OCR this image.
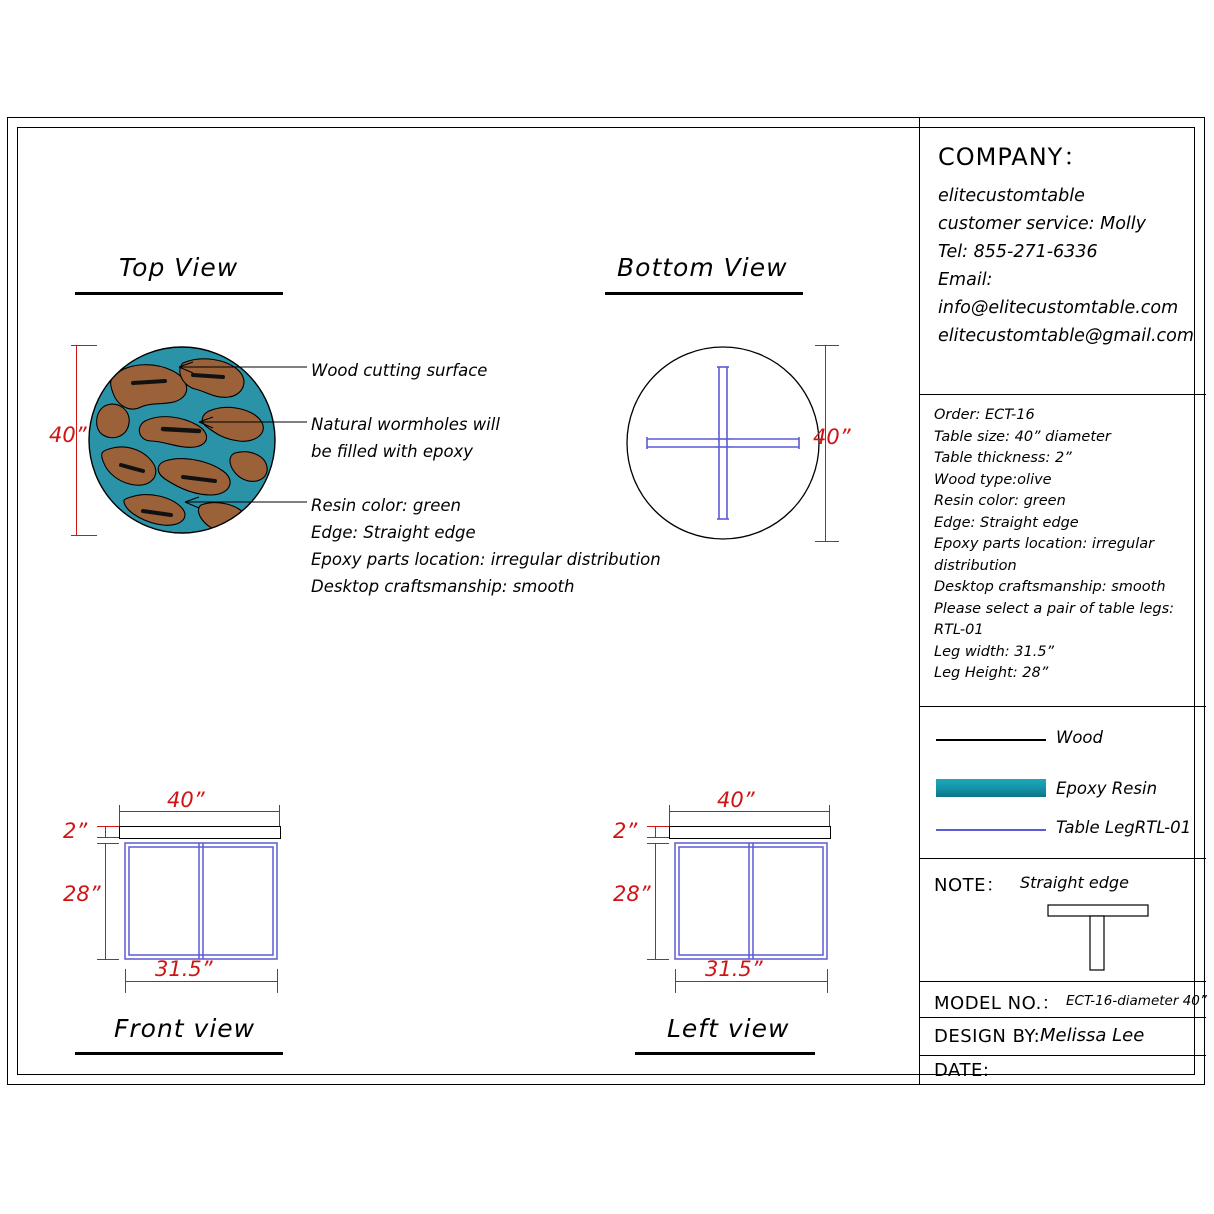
Top View
40”
Wood cutting surface
Natural wormholes will
be filled with epoxy
Resin color: green
Edge: Straight edge
Epoxy parts location: irregular distribution
Desktop craftsmanship: smooth
Bottom View
40”
40”
2”
28”
31.5”
Front view
40”
2”
28”
31.5”
Left view
COMPANY：
elitecustomtable
customer service: Molly
Tel: 855-271-6336
Email:
info@elitecustomtable.com
elitecustomtable@gmail.com
Order: ECT-16
Table size: 40” diameter
Table thickness: 2”
Wood type:olive
Resin color: green
Edge: Straight edge
Epoxy parts location: irregular
distribution
Desktop craftsmanship: smooth
Please select a pair of table legs: RTL-01
Leg width: 31.5”
Leg Height: 28”
Wood
Epoxy Resin
Table LegRTL-01
NOTE： Straight edge
MODEL NO.： ECT-16-diameter 40”
DESIGN BY: Melissa Lee
DATE:
